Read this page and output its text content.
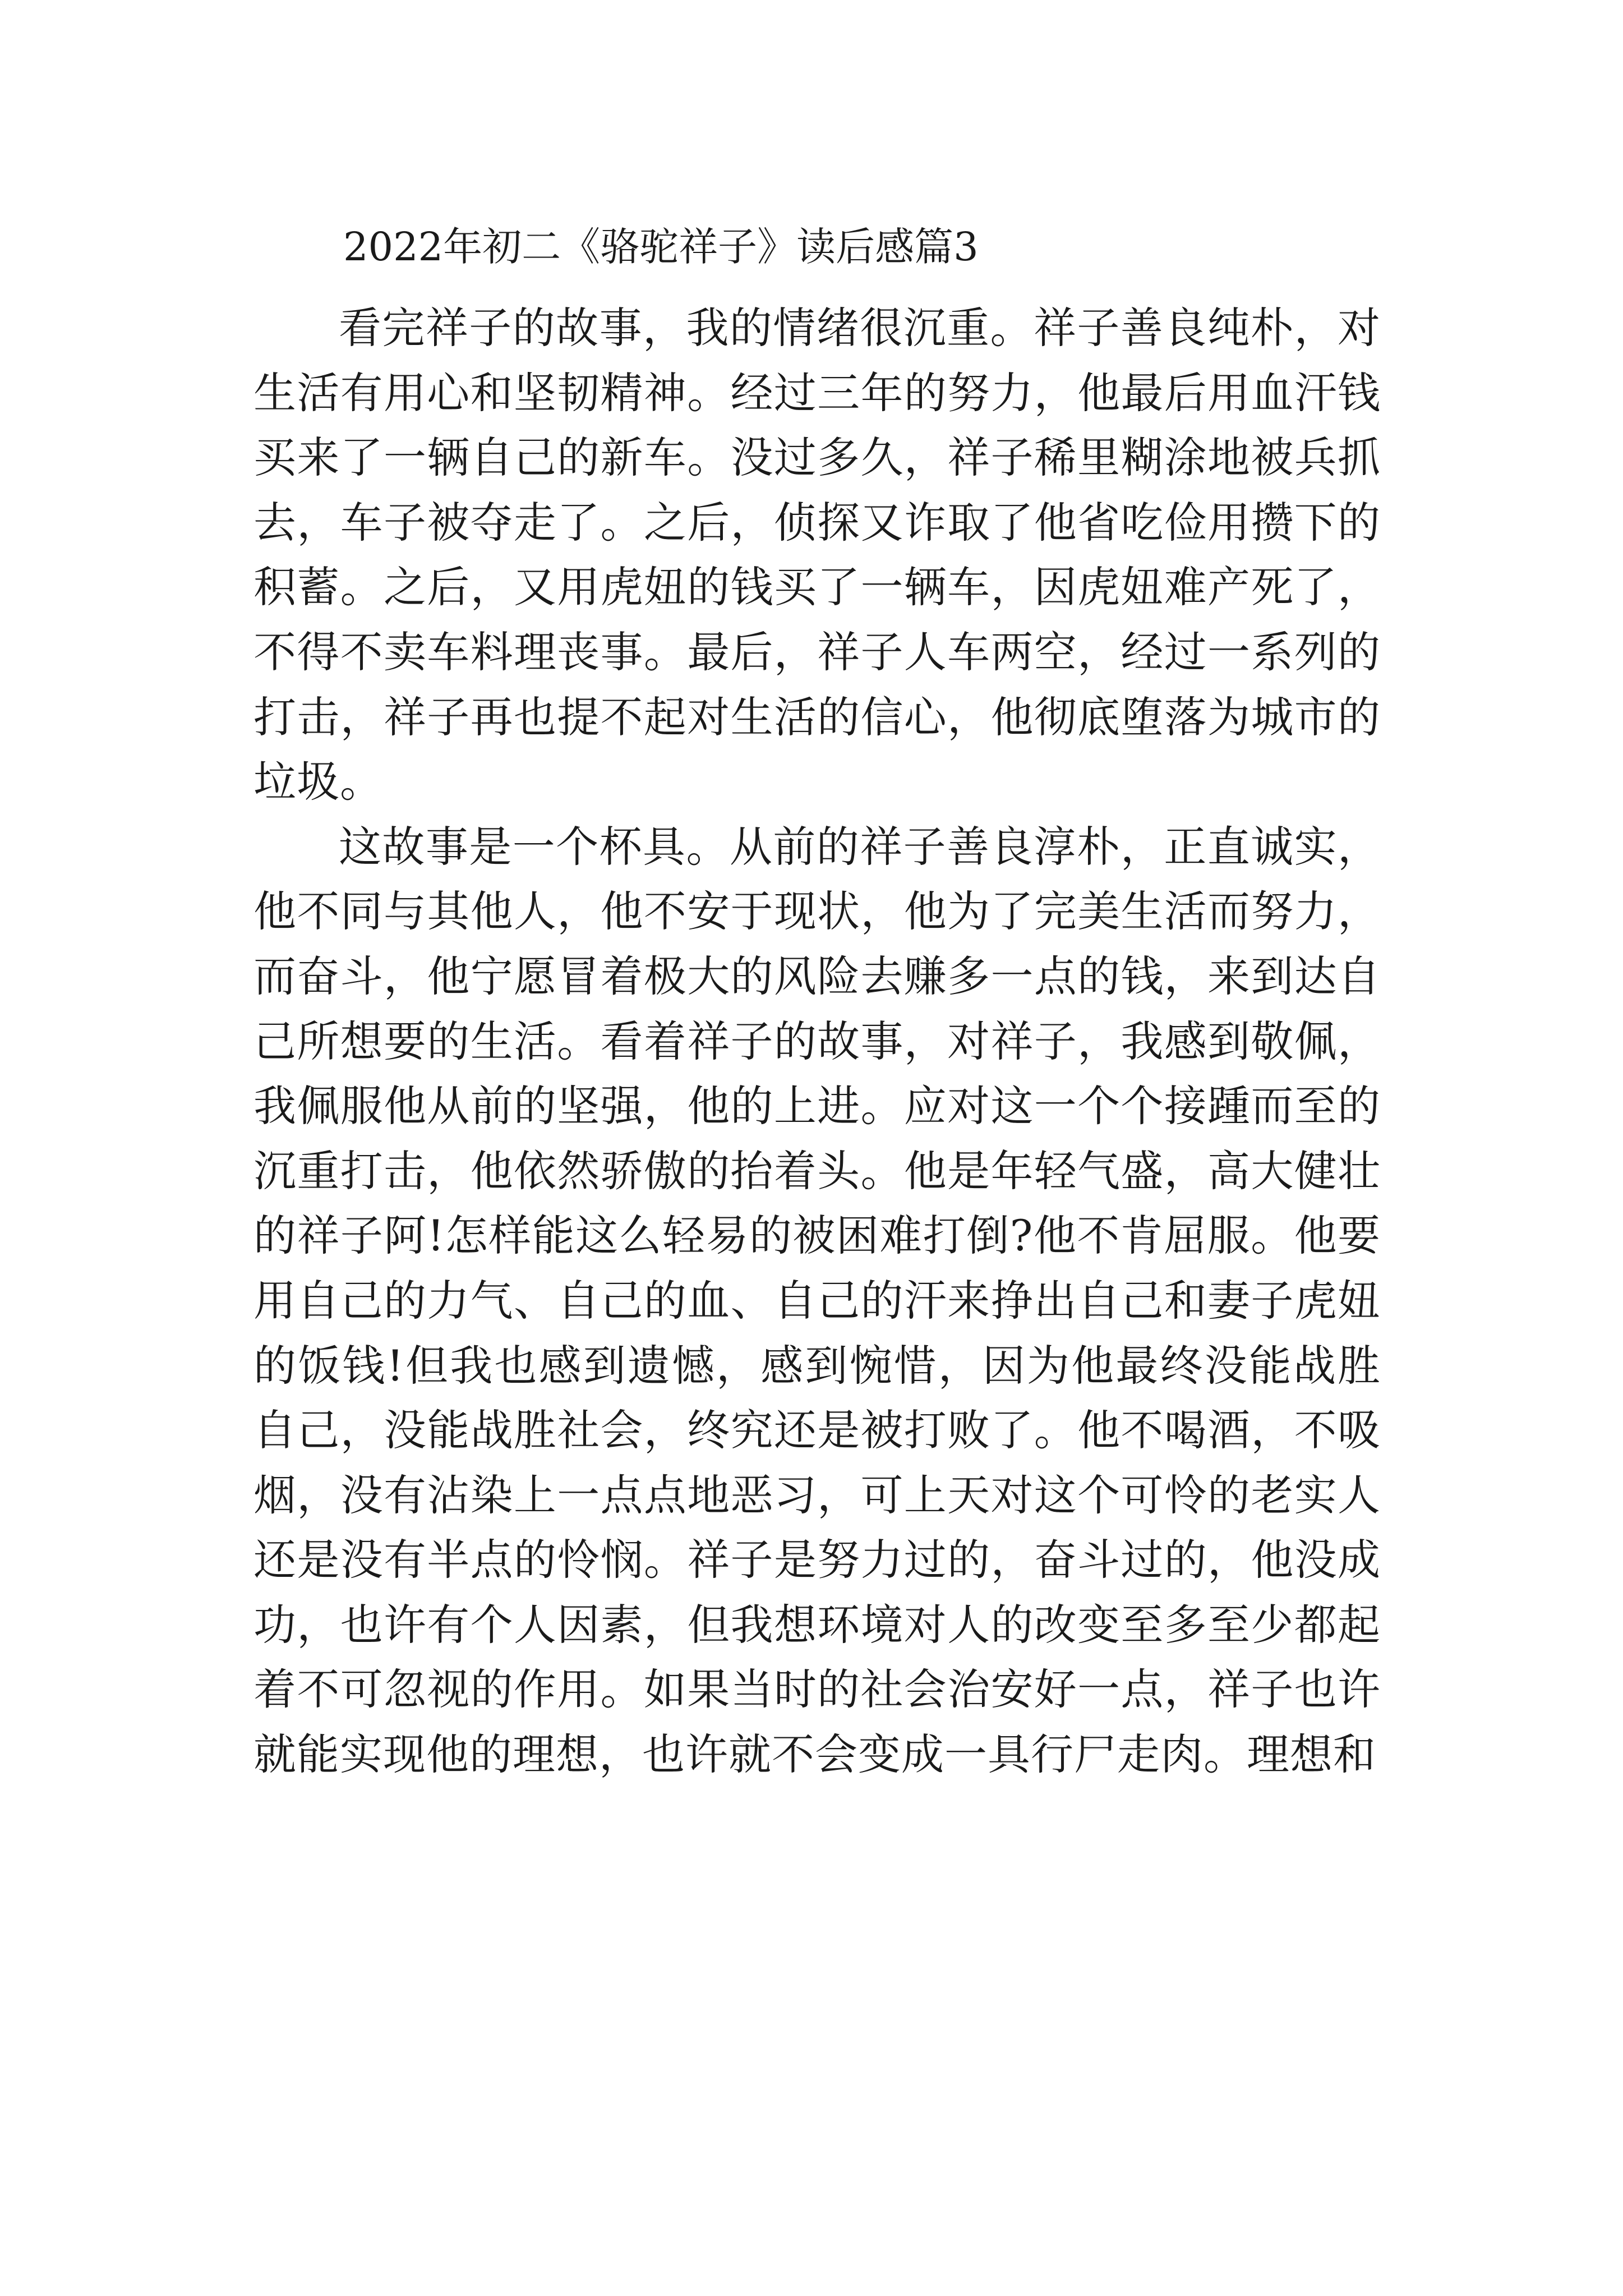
2022年初二《骆驼祥子》读后感篇3

看完祥子的故事，我的情绪很沉重。祥子善良纯朴，对生活有用心和坚韧精神。经过三年的努力，他最后用血汗钱买来了一辆自己的新车。没过多久，祥子稀里糊涂地被兵抓去，车子被夺走了。之后，侦探又诈取了他省吃俭用攒下的积蓄。之后，又用虎妞的钱买了一辆车，因虎妞难产死了，不得不卖车料理丧事。最后，祥子人车两空，经过一系列的打击，祥子再也提不起对生活的信心，他彻底堕落为城市的垃圾。

这故事是一个杯具。从前的祥子善良淳朴，正直诚实，他不同与其他人，他不安于现状，他为了完美生活而努力，而奋斗，他宁愿冒着极大的风险去赚多一点的钱，来到达自己所想要的生活。看着祥子的故事，对祥子，我感到敬佩，我佩服他从前的坚强，他的上进。应对这一个个接踵而至的沉重打击，他依然骄傲的抬着头。他是年轻气盛，高大健壮的祥子阿!怎样能这么轻易的被困难打倒?他不肯屈服。他要用自己的力气、自己的血、自己的汗来挣出自己和妻子虎妞的饭钱!但我也感到遗憾，感到惋惜，因为他最终没能战胜自己，没能战胜社会，终究还是被打败了。他不喝酒，不吸烟，没有沾染上一点点地恶习，可上天对这个可怜的老实人还是没有半点的怜悯。祥子是努力过的，奋斗过的，他没成功，也许有个人因素，但我想环境对人的改变至多至少都起着不可忽视的作用。如果当时的社会治安好一点，祥子也许就能实现他的理想，也许就不会变成一具行尸走肉。理想和
